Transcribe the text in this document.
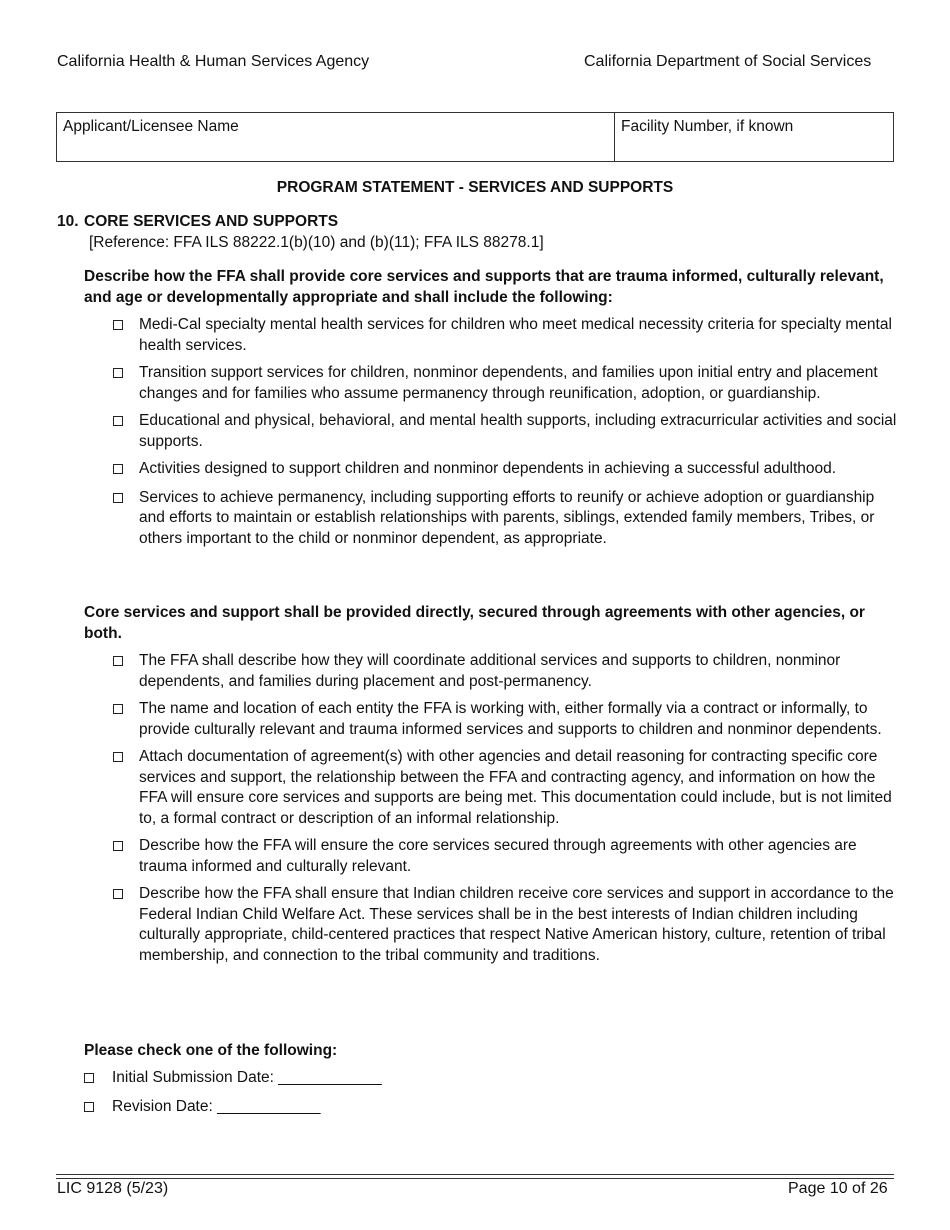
California Health & Human Services Agency	California Department of Social Services
Applicant/Licensee Name	Facility Number, if known
PROGRAM STATEMENT - SERVICES AND SUPPORTS
10. CORE SERVICES AND SUPPORTS
[Reference: FFA ILS 88222.1(b)(10) and (b)(11); FFA ILS 88278.1]
Describe how the FFA shall provide core services and supports that are trauma informed, culturally relevant, and age or developmentally appropriate and shall include the following:
Medi-Cal specialty mental health services for children who meet medical necessity criteria for specialty mental health services.
Transition support services for children, nonminor dependents, and families upon initial entry and placement changes and for families who assume permanency through reunification, adoption, or guardianship.
Educational and physical, behavioral, and mental health supports, including extracurricular activities and social supports.
Activities designed to support children and nonminor dependents in achieving a successful adulthood.
Services to achieve permanency, including supporting efforts to reunify or achieve adoption or guardianship and efforts to maintain or establish relationships with parents, siblings, extended family members, Tribes, or others important to the child or nonminor dependent, as appropriate.
Core services and support shall be provided directly, secured through agreements with other agencies, or both.
The FFA shall describe how they will coordinate additional services and supports to children, nonminor dependents, and families during placement and post-permanency.
The name and location of each entity the FFA is working with, either formally via a contract or informally, to provide culturally relevant and trauma informed services and supports to children and nonminor dependents.
Attach documentation of agreement(s) with other agencies and detail reasoning for contracting specific core services and support, the relationship between the FFA and contracting agency, and information on how the FFA will ensure core services and supports are being met. This documentation could include, but is not limited to, a formal contract or description of an informal relationship.
Describe how the FFA will ensure the core services secured through agreements with other agencies are trauma informed and culturally relevant.
Describe how the FFA shall ensure that Indian children receive core services and support in accordance to the Federal Indian Child Welfare Act. These services shall be in the best interests of Indian children including culturally appropriate, child-centered practices that respect Native American history, culture, retention of tribal membership, and connection to the tribal community and traditions.
Please check one of the following:
Initial Submission Date: ____________
Revision Date: ____________
LIC 9128 (5/23)	Page 10 of 26
